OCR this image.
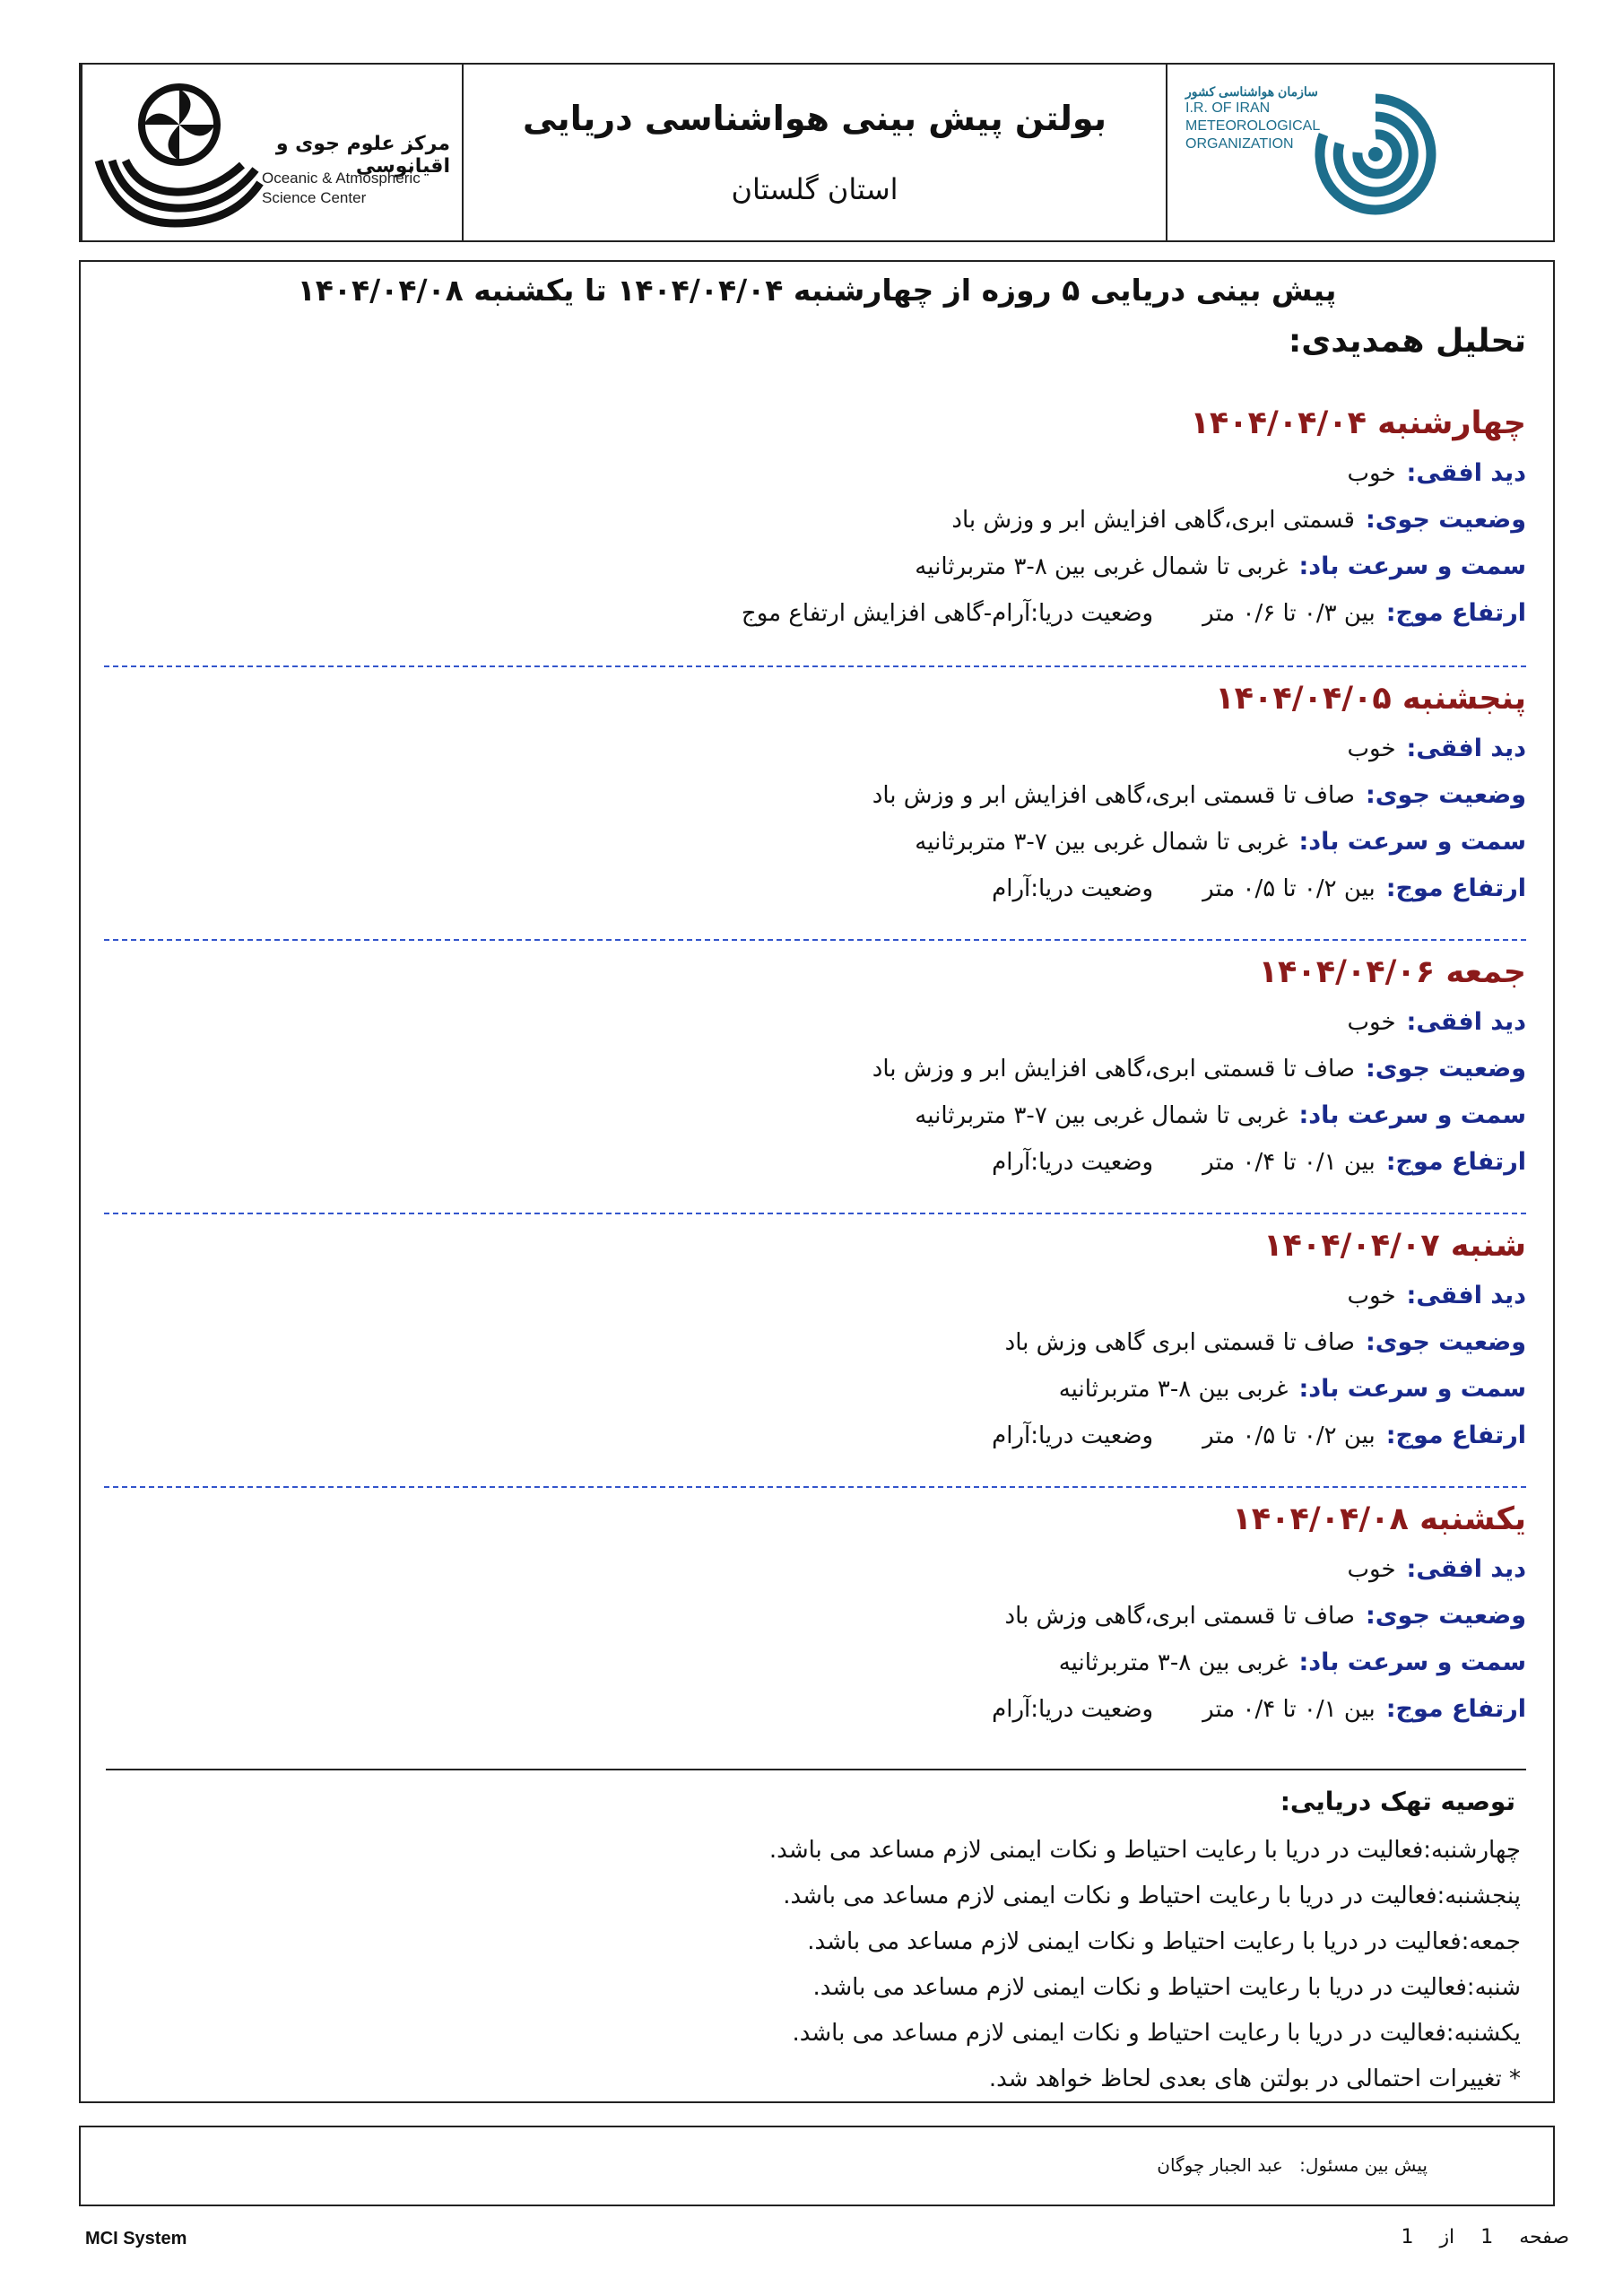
سازمان هواشناسی کشور
I.R. OF IRAN
METEOROLOGICAL
ORGANIZATION
بولتن پیش بینی هواشناسی دریایی
استان گلستان
مرکز علوم جوی و اقیانوسی
Oceanic & Atmospheric
Science Center
پیش بینی دریایی ۵ روزه از چهارشنبه ۱۴۰۴/۰۴/۰۴ تا یکشنبه ۱۴۰۴/۰۴/۰۸
تحلیل همدیدی:
چهارشنبه ۱۴۰۴/۰۴/۰۴
دید افقی:خوب
وضعیت جوی:قسمتی ابری،گاهی افزایش ابر و وزش باد
سمت و سرعت باد:غربی تا شمال غربی بین ۸-۳ متربرثانیه
ارتفاع موج:بین ۰/۳ تا ۰/۶ متروضعیت دریا:آرام-گاهی افزایش ارتفاع موج
پنجشنبه ۱۴۰۴/۰۴/۰۵
دید افقی:خوب
وضعیت جوی:صاف تا قسمتی ابری،گاهی افزایش ابر و وزش باد
سمت و سرعت باد:غربی تا شمال غربی بین ۷-۳ متربرثانیه
ارتفاع موج:بین ۰/۲ تا ۰/۵ متروضعیت دریا:آرام
جمعه ۱۴۰۴/۰۴/۰۶
دید افقی:خوب
وضعیت جوی:صاف تا قسمتی ابری،گاهی افزایش ابر و وزش باد
سمت و سرعت باد:غربی تا شمال غربی بین ۷-۳ متربرثانیه
ارتفاع موج:بین ۰/۱ تا ۰/۴ متروضعیت دریا:آرام
شنبه ۱۴۰۴/۰۴/۰۷
دید افقی:خوب
وضعیت جوی:صاف تا قسمتی ابری گاهی وزش باد
سمت و سرعت باد:غربی بین ۸-۳ متربرثانیه
ارتفاع موج:بین ۰/۲ تا ۰/۵ متروضعیت دریا:آرام
یکشنبه ۱۴۰۴/۰۴/۰۸
دید افقی:خوب
وضعیت جوی:صاف تا قسمتی ابری،گاهی وزش باد
سمت و سرعت باد:غربی بین ۸-۳ متربرثانیه
ارتفاع موج:بین ۰/۱ تا ۰/۴ متروضعیت دریا:آرام
توصیه تهک دریایی:
چهارشنبه:فعالیت در دریا با رعایت احتیاط و نکات ایمنی لازم مساعد می باشد.
پنجشنبه:فعالیت در دریا با رعایت احتیاط و نکات ایمنی لازم مساعد می باشد.
جمعه:فعالیت در دریا با رعایت احتیاط و نکات ایمنی لازم مساعد می باشد.
شنبه:فعالیت در دریا با رعایت احتیاط و نکات ایمنی لازم مساعد می باشد.
یکشنبه:فعالیت در دریا با رعایت احتیاط و نکات ایمنی لازم مساعد می باشد.
* تغییرات احتمالی در بولتن های بعدی لحاظ خواهد شد.
پیش بین مسئول: عبد الجبار چوگان
MCI System	صفحه 1 از 1
